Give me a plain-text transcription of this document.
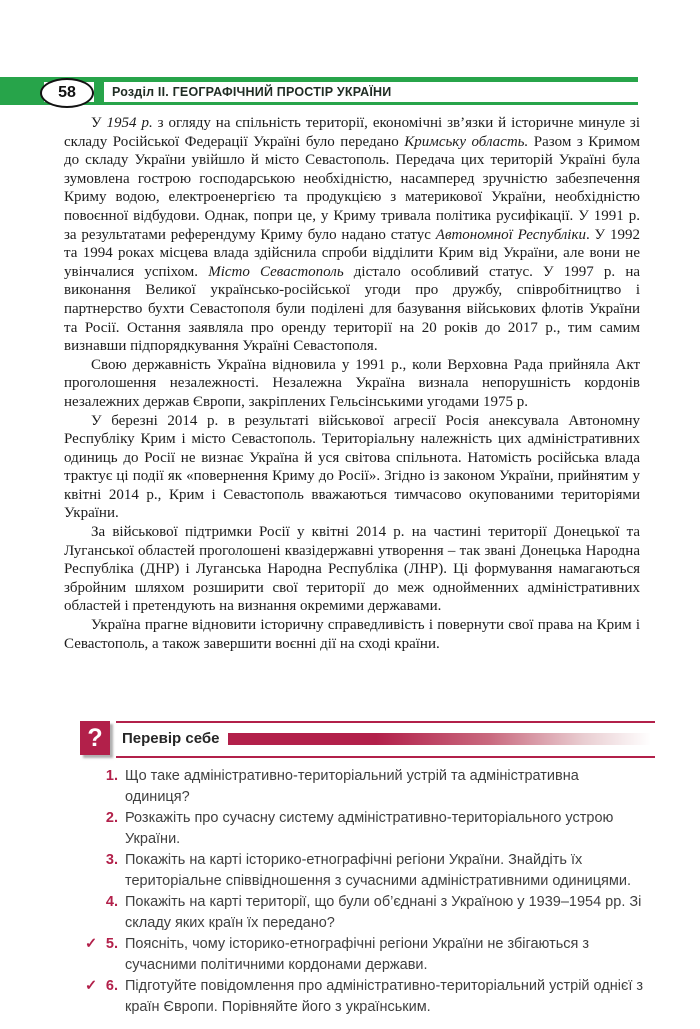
58	Розділ ІІ. ГЕОГРАФІЧНИЙ ПРОСТІР УКРАЇНИ

У 1954 р. з огляду на спільність території, економічні зв’язки й історичне минуле зі складу Російської Федерації Україні було передано Кримську область. Разом з Кримом до складу України увійшло й місто Севастополь. Передача цих територій Україні була зумовлена гострою господарською необхідністю, насамперед зручністю забезпечення Криму водою, електроенергією та продукцією з материкової України, необхідністю повоєнної відбудови. Однак, попри це, у Криму тривала політика русифікації. У 1991 р. за результатами референдуму Криму було надано статус Автономної Республіки. У 1992 та 1994 роках місцева влада здійснила спроби відділити Крим від України, але вони не увінчалися успіхом. Місто Севастополь дістало особливий статус. У 1997 р. на виконання Великої українсько-російської угоди про дружбу, співробітництво і партнерство бухти Севастополя були поділені для базування військових флотів України та Росії. Остання заявляла про оренду території на 20 років до 2017 р., тим самим визнавши підпорядкування Україні Севастополя.

Свою державність Україна відновила у 1991 р., коли Верховна Рада прийняла Акт проголошення незалежності. Незалежна Україна визнала непорушність кордонів незалежних держав Європи, закріплених Гельсінськими угодами 1975 р.

У березні 2014 р. в результаті військової агресії Росія анексувала Автономну Республіку Крим і місто Севастополь. Територіальну належність цих адміністративних одиниць до Росії не визнає Україна й уся світова спільнота. Натомість російська влада трактує ці події як «повернення Криму до Росії». Згідно із законом України, прийнятим у квітні 2014 р., Крим і Севастополь вважаються тимчасово окупованими територіями України.

За військової підтримки Росії у квітні 2014 р. на частині території Донецької та Луганської областей проголошені квазідержавні утворення – так звані Донецька Народна Республіка (ДНР) і Луганська Народна Республіка (ЛНР). Ці формування намагаються збройним шляхом розширити свої території до меж однойменних адміністративних областей і претендують на визнання окремими державами.

Україна прагне відновити історичну справедливість і повернути свої права на Крим і Севастополь, а також завершити воєнні дії на сході країни.

? Перевір себе
1. Що таке адміністративно-територіальний устрій та адміністративна одиниця?
2. Розкажіть про сучасну систему адміністративно-територіального устрою України.
3. Покажіть на карті історико-етнографічні регіони України. Знайдіть їх територіальне співвідношення з сучасними адміністративними одиницями.
4. Покажіть на карті території, що були об’єднані з Україною у 1939–1954 рр. Зі складу яких країн їх передано?
✓ 5. Поясніть, чому історико-етнографічні регіони України не збігаються з сучасними політичними кордонами держави.
✓ 6. Підготуйте повідомлення про адміністративно-територіальний устрій однієї з країн Європи. Порівняйте його з українським.
